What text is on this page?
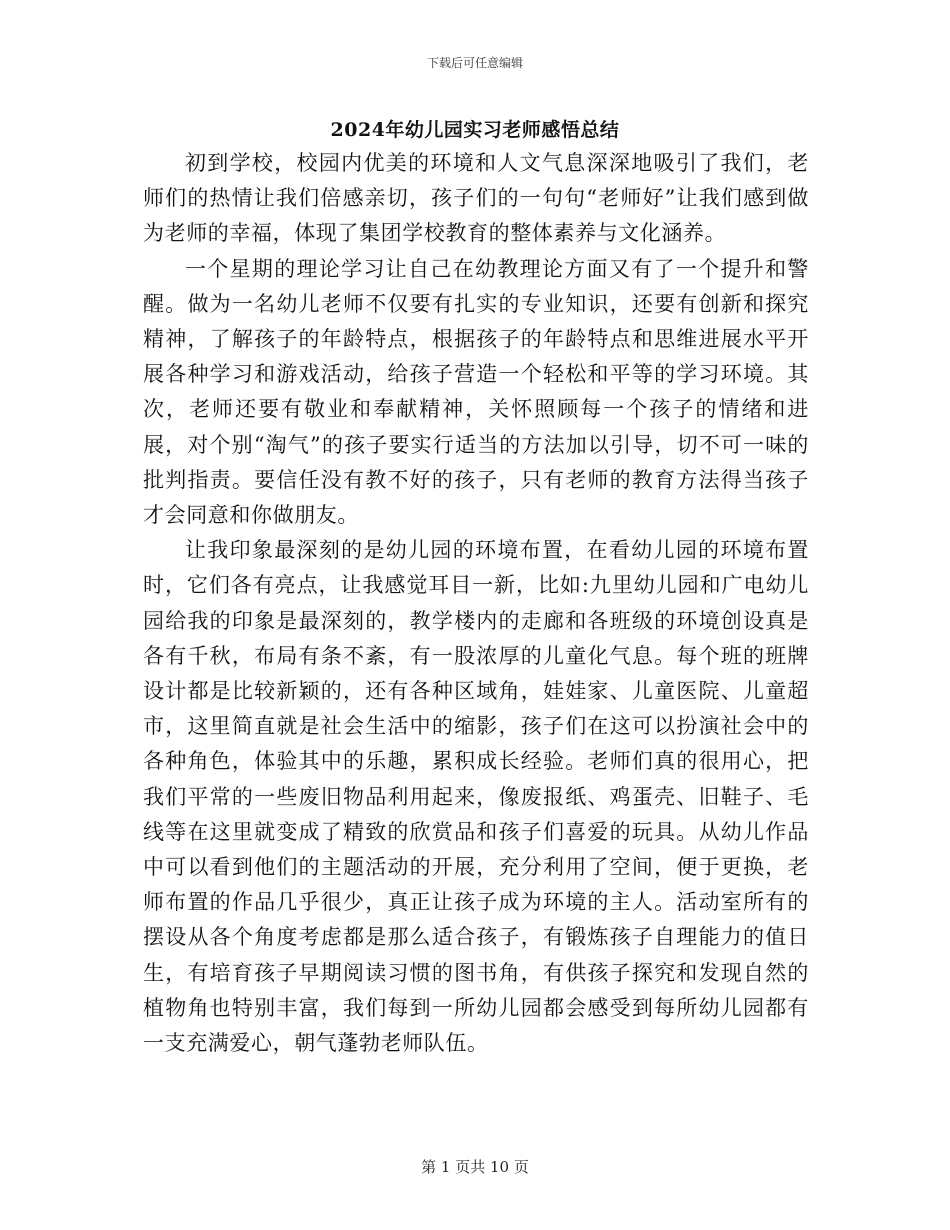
下载后可任意编辑
2024年幼儿园实习老师感悟总结

初到学校，校园内优美的环境和人文气息深深地吸引了我们，老师们的热情让我们倍感亲切，孩子们的一句句“老师好”让我们感到做为老师的幸福，体现了集团学校教育的整体素养与文化涵养。

一个星期的理论学习让自己在幼教理论方面又有了一个提升和警醒。做为一名幼儿老师不仅要有扎实的专业知识，还要有创新和探究精神，了解孩子的年龄特点，根据孩子的年龄特点和思维进展水平开展各种学习和游戏活动，给孩子营造一个轻松和平等的学习环境。其次，老师还要有敬业和奉献精神，关怀照顾每一个孩子的情绪和进展，对个别“淘气”的孩子要实行适当的方法加以引导，切不可一味的批判指责。要信任没有教不好的孩子，只有老师的教育方法得当孩子才会同意和你做朋友。

让我印象最深刻的是幼儿园的环境布置，在看幼儿园的环境布置时，它们各有亮点，让我感觉耳目一新，比如:九里幼儿园和广电幼儿园给我的印象是最深刻的，教学楼内的走廊和各班级的环境创设真是各有千秋，布局有条不紊，有一股浓厚的儿童化气息。每个班的班牌设计都是比较新颖的，还有各种区域角，娃娃家、儿童医院、儿童超市，这里简直就是社会生活中的缩影，孩子们在这可以扮演社会中的各种角色，体验其中的乐趣，累积成长经验。老师们真的很用心，把我们平常的一些废旧物品利用起来，像废报纸、鸡蛋壳、旧鞋子、毛线等在这里就变成了精致的欣赏品和孩子们喜爱的玩具。从幼儿作品中可以看到他们的主题活动的开展，充分利用了空间，便于更换，老师布置的作品几乎很少，真正让孩子成为环境的主人。活动室所有的摆设从各个角度考虑都是那么适合孩子，有锻炼孩子自理能力的值日生，有培育孩子早期阅读习惯的图书角，有供孩子探究和发现自然的植物角也特别丰富，我们每到一所幼儿园都会感受到每所幼儿园都有一支充满爱心，朝气蓬勃老师队伍。

第 1 页共 10 页
